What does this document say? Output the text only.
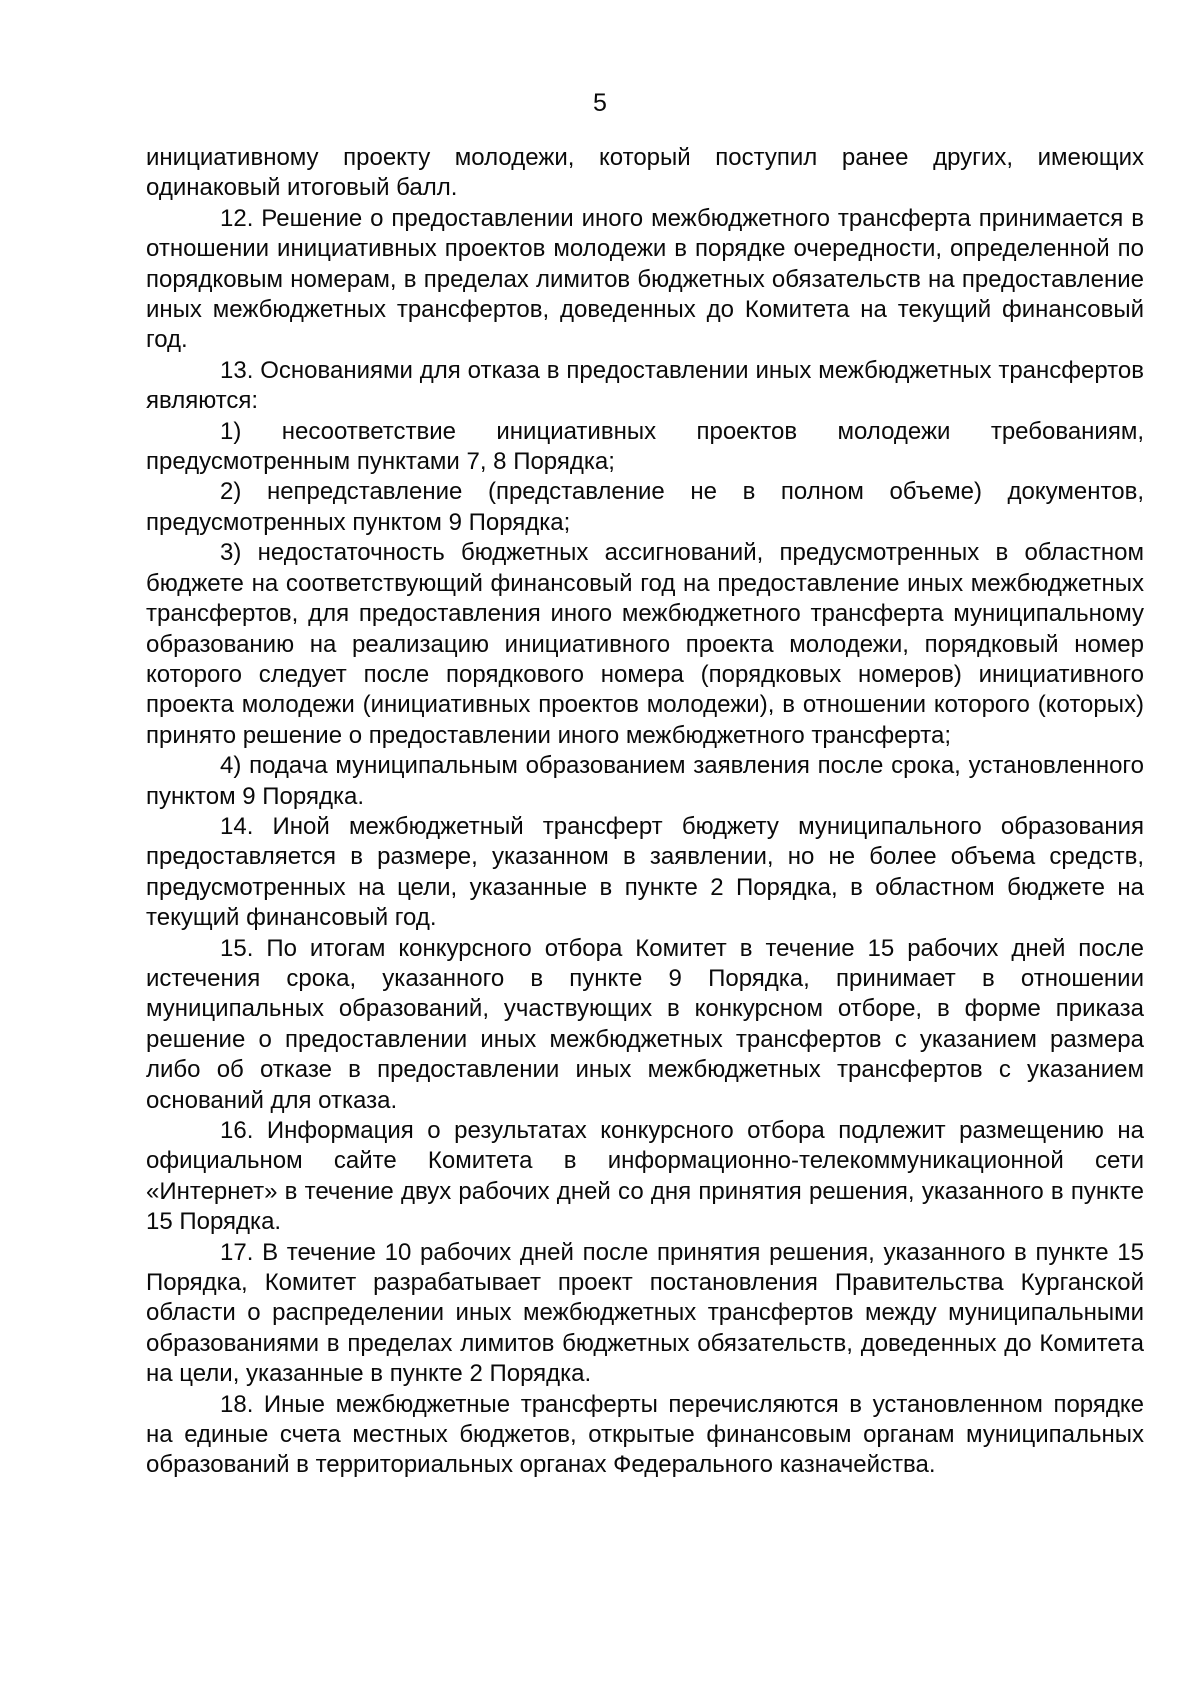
5

инициативному проекту молодежи, который поступил ранее других, имеющих одинаковый итоговый балл.

12. Решение о предоставлении иного межбюджетного трансферта принимается в отношении инициативных проектов молодежи в порядке очередности, определенной по порядковым номерам, в пределах лимитов бюджетных обязательств на предоставление иных межбюджетных трансфертов, доведенных до Комитета на текущий финансовый год.

13. Основаниями для отказа в предоставлении иных межбюджетных трансфертов являются:

1) несоответствие инициативных проектов молодежи требованиям, предусмотренным пунктами 7, 8 Порядка;

2) непредставление (представление не в полном объеме) документов, предусмотренных пунктом 9 Порядка;

3) недостаточность бюджетных ассигнований, предусмотренных в областном бюджете на соответствующий финансовый год на предоставление иных межбюджетных трансфертов, для предоставления иного межбюджетного трансферта муниципальному образованию на реализацию инициативного проекта молодежи, порядковый номер которого следует после порядкового номера (порядковых номеров) инициативного проекта молодежи (инициативных проектов молодежи), в отношении которого (которых) принято решение о предоставлении иного межбюджетного трансферта;

4) подача муниципальным образованием заявления после срока, установленного пунктом 9 Порядка.

14. Иной межбюджетный трансферт бюджету муниципального образования предоставляется в размере, указанном в заявлении, но не более объема средств, предусмотренных на цели, указанные в пункте 2 Порядка, в областном бюджете на текущий финансовый год.

15. По итогам конкурсного отбора Комитет в течение 15 рабочих дней после истечения срока, указанного в пункте 9 Порядка, принимает в отношении муниципальных образований, участвующих в конкурсном отборе, в форме приказа решение о предоставлении иных межбюджетных трансфертов с указанием размера либо об отказе в предоставлении иных межбюджетных трансфертов с указанием оснований для отказа.

16. Информация о результатах конкурсного отбора подлежит размещению на официальном сайте Комитета в информационно-телекоммуникационной сети «Интернет» в течение двух рабочих дней со дня принятия решения, указанного в пункте 15 Порядка.

17. В течение 10 рабочих дней после принятия решения, указанного в пункте 15 Порядка, Комитет разрабатывает проект постановления Правительства Курганской области о распределении иных межбюджетных трансфертов между муниципальными образованиями в пределах лимитов бюджетных обязательств, доведенных до Комитета на цели, указанные в пункте 2 Порядка.

18. Иные межбюджетные трансферты перечисляются в установленном порядке на единые счета местных бюджетов, открытые финансовым органам муниципальных образований в территориальных органах Федерального казначейства.
